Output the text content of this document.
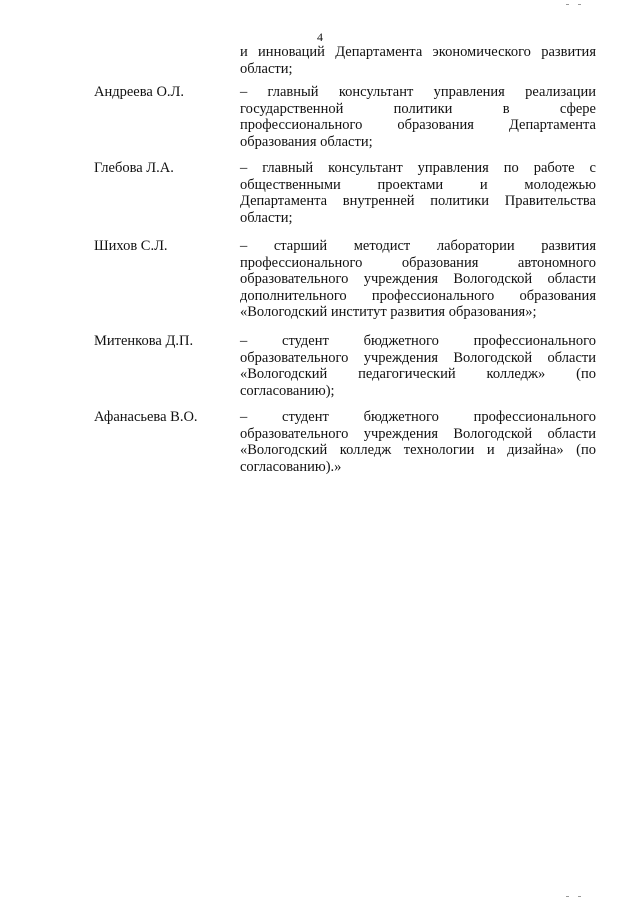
4
и инноваций Департамента экономического развития
области;
Андреева О.Л.	– главный консультант управления реализации
государственной политики в сфере
профессионального образования Департамента
образования области;
Глебова Л.А.	– главный консультант управления по работе с
общественными проектами и молодежью
Департамента внутренней политики Правительства
области;
Шихов С.Л.	– старший методист лаборатории развития
профессионального образования автономного
образовательного учреждения Вологодской области
дополнительного профессионального образования
«Вологодский институт развития образования»;
Митенкова Д.П.	– студент бюджетного профессионального
образовательного учреждения Вологодской области
«Вологодский педагогический колледж» (по
согласованию);
Афанасьева В.О.	– студент бюджетного профессионального
образовательного учреждения Вологодской области
«Вологодский колледж технологии и дизайна» (по
согласованию).»
